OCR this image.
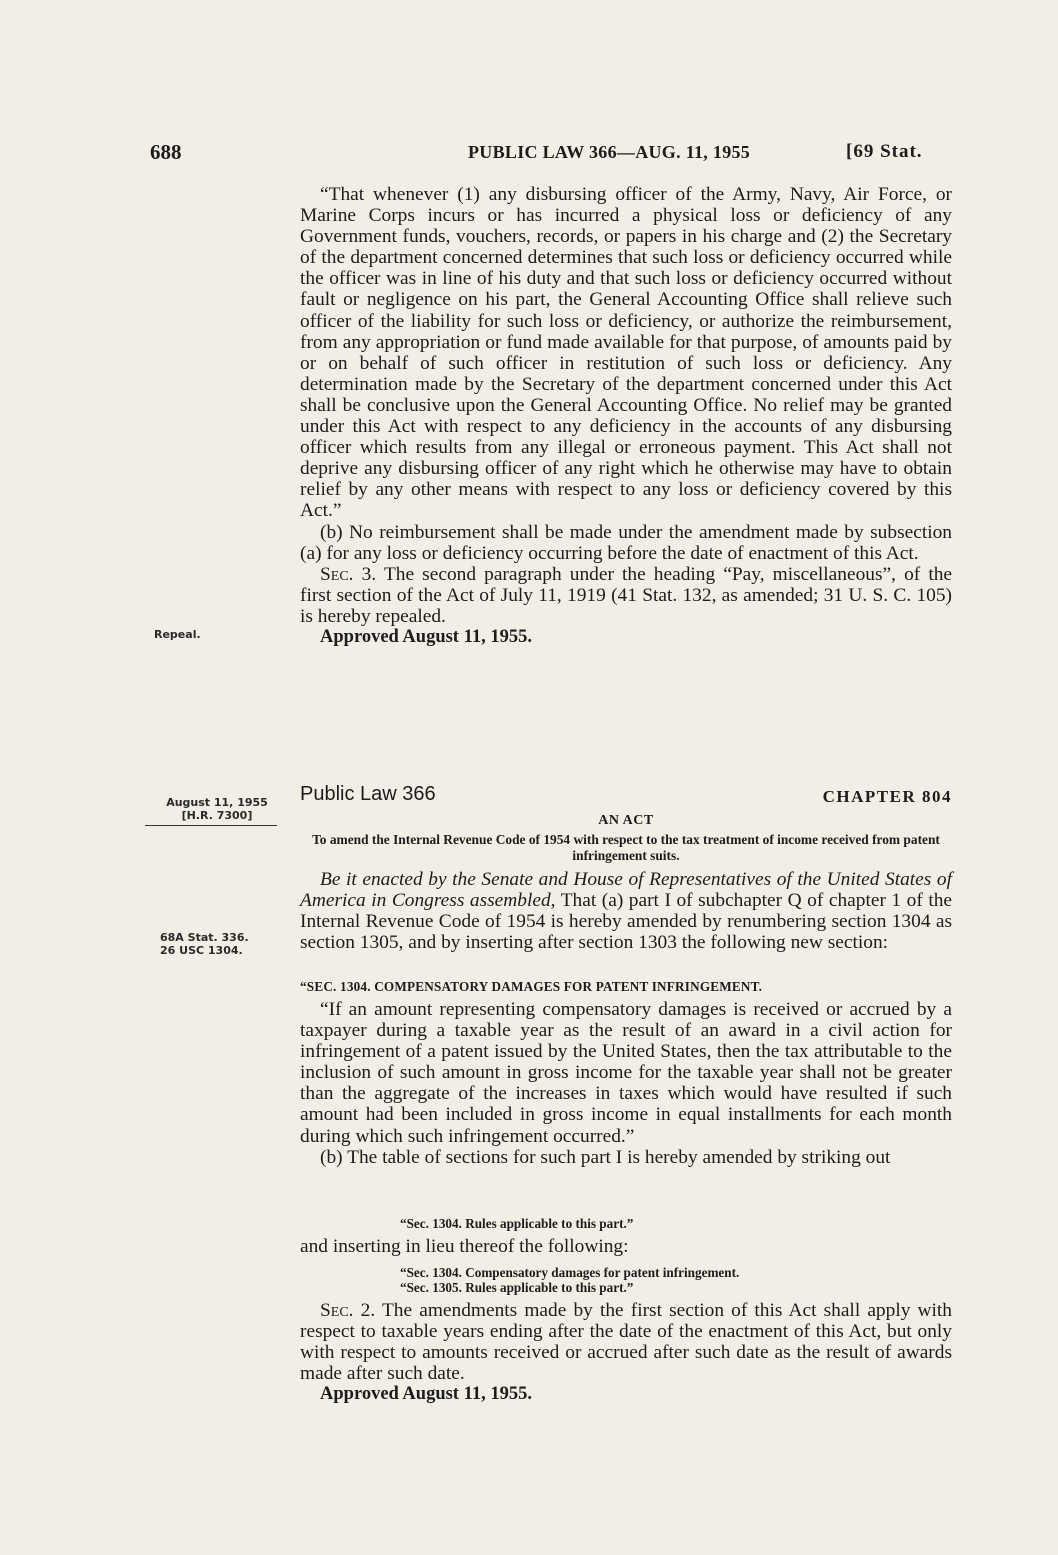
688	PUBLIC LAW 366—AUG. 11, 1955	[69 Stat.

“That whenever (1) any disbursing officer of the Army, Navy, Air Force, or Marine Corps incurs or has incurred a physical loss or deficiency of any Government funds, vouchers, records, or papers in his charge and (2) the Secretary of the department concerned determines that such loss or deficiency occurred while the officer was in line of his duty and that such loss or deficiency occurred without fault or negligence on his part, the General Accounting Office shall relieve such officer of the liability for such loss or deficiency, or authorize the reimbursement, from any appropriation or fund made available for that purpose, of amounts paid by or on behalf of such officer in restitution of such loss or deficiency. Any determination made by the Secretary of the department concerned under this Act shall be conclusive upon the General Accounting Office. No relief may be granted under this Act with respect to any deficiency in the accounts of any disbursing officer which results from any illegal or erroneous payment. This Act shall not deprive any disbursing officer of any right which he otherwise may have to obtain relief by any other means with respect to any loss or deficiency covered by this Act.”

(b) No reimbursement shall be made under the amendment made by subsection (a) for any loss or deficiency occurring before the date of enactment of this Act.

Sec. 3. The second paragraph under the heading “Pay, miscellaneous”, of the first section of the Act of July 11, 1919 (41 Stat. 132, as amended; 31 U. S. C. 105) is hereby repealed.

Approved August 11, 1955.

Repeal.
Public Law 366	CHAPTER 804
August 11, 1955
[H.R. 7300]	AN ACT
To amend the Internal Revenue Code of 1954 with respect to the tax treatment of income received from patent infringement suits.

Be it enacted by the Senate and House of Representatives of the United States of America in Congress assembled, That (a) part I of subchapter Q of chapter 1 of the Internal Revenue Code of 1954 is hereby amended by renumbering section 1304 as section 1305, and by inserting after section 1303 the following new section:

68A Stat. 336.
26 USC 1304.
“SEC. 1304. COMPENSATORY DAMAGES FOR PATENT INFRINGEMENT.

“If an amount representing compensatory damages is received or accrued by a taxpayer during a taxable year as the result of an award in a civil action for infringement of a patent issued by the United States, then the tax attributable to the inclusion of such amount in gross income for the taxable year shall not be greater than the aggregate of the increases in taxes which would have resulted if such amount had been included in gross income in equal installments for each month during which such infringement occurred.”

(b) The table of sections for such part I is hereby amended by striking out

“Sec. 1304. Rules applicable to this part.”

and inserting in lieu thereof the following:

“Sec. 1304. Compensatory damages for patent infringement.
“Sec. 1305. Rules applicable to this part.”

Sec. 2. The amendments made by the first section of this Act shall apply with respect to taxable years ending after the date of the enactment of this Act, but only with respect to amounts received or accrued after such date as the result of awards made after such date.

Approved August 11, 1955.
